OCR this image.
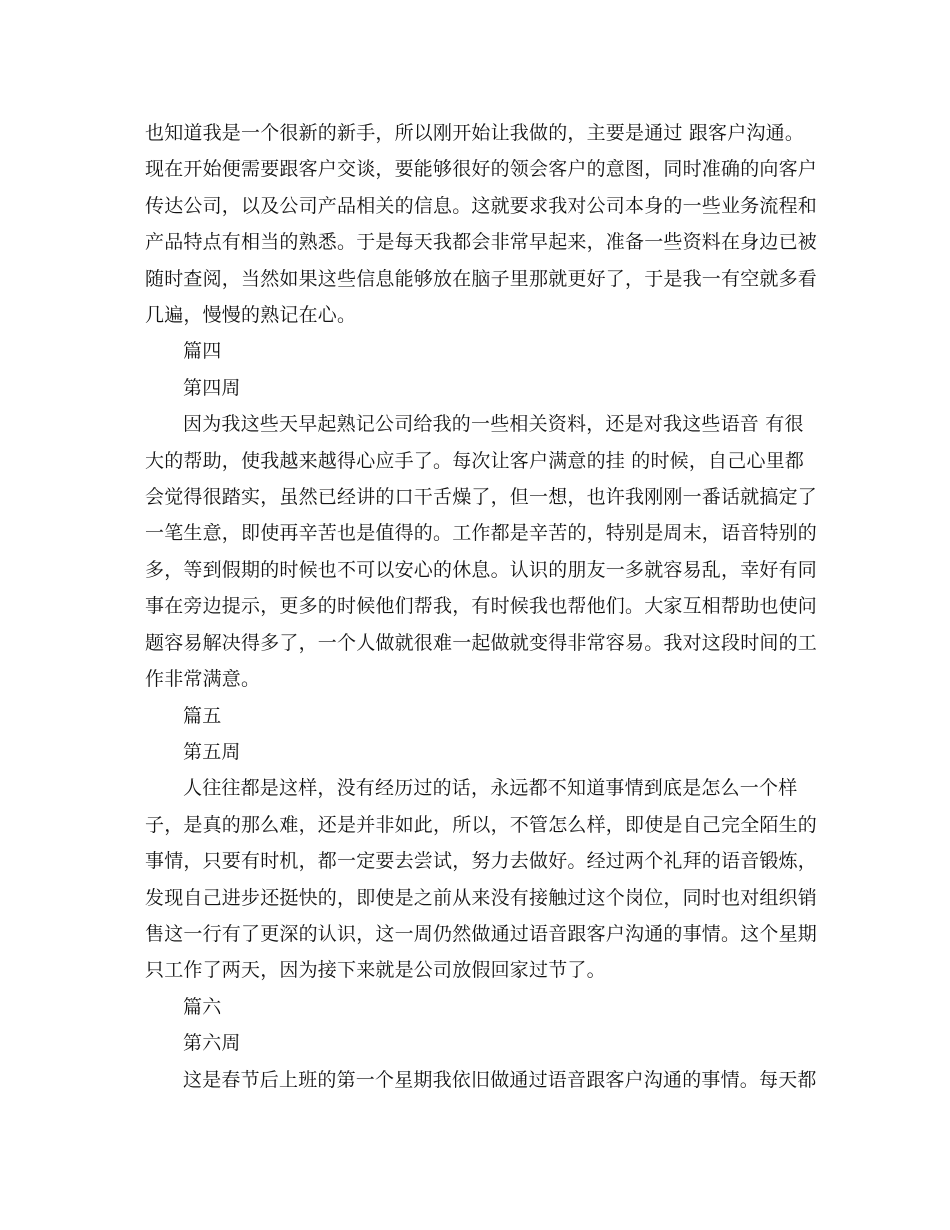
也知道我是一个很新的新手，所以刚开始让我做的，主要是通过 跟客户沟通。
现在开始便需要跟客户交谈，要能够很好的领会客户的意图，同时准确的向客户
传达公司，以及公司产品相关的信息。这就要求我对公司本身的一些业务流程和
产品特点有相当的熟悉。于是每天我都会非常早起来，准备一些资料在身边已被
随时查阅，当然如果这些信息能够放在脑子里那就更好了，于是我一有空就多看
几遍，慢慢的熟记在心。
篇四
第四周
因为我这些天早起熟记公司给我的一些相关资料，还是对我这些语音 有很
大的帮助，使我越来越得心应手了。每次让客户满意的挂 的时候，自己心里都
会觉得很踏实，虽然已经讲的口干舌燥了，但一想，也许我刚刚一番话就搞定了
一笔生意，即使再辛苦也是值得的。工作都是辛苦的，特别是周末，语音特别的
多，等到假期的时候也不可以安心的休息。认识的朋友一多就容易乱，幸好有同
事在旁边提示，更多的时候他们帮我，有时候我也帮他们。大家互相帮助也使问
题容易解决得多了，一个人做就很难一起做就变得非常容易。我对这段时间的工
作非常满意。
篇五
第五周
人往往都是这样，没有经历过的话，永远都不知道事情到底是怎么一个样
子，是真的那么难，还是并非如此，所以，不管怎么样，即使是自己完全陌生的
事情，只要有时机，都一定要去尝试，努力去做好。经过两个礼拜的语音锻炼，
发现自己进步还挺快的，即使是之前从来没有接触过这个岗位，同时也对组织销
售这一行有了更深的认识，这一周仍然做通过语音跟客户沟通的事情。这个星期
只工作了两天，因为接下来就是公司放假回家过节了。
篇六
第六周
这是春节后上班的第一个星期我依旧做通过语音跟客户沟通的事情。每天都
